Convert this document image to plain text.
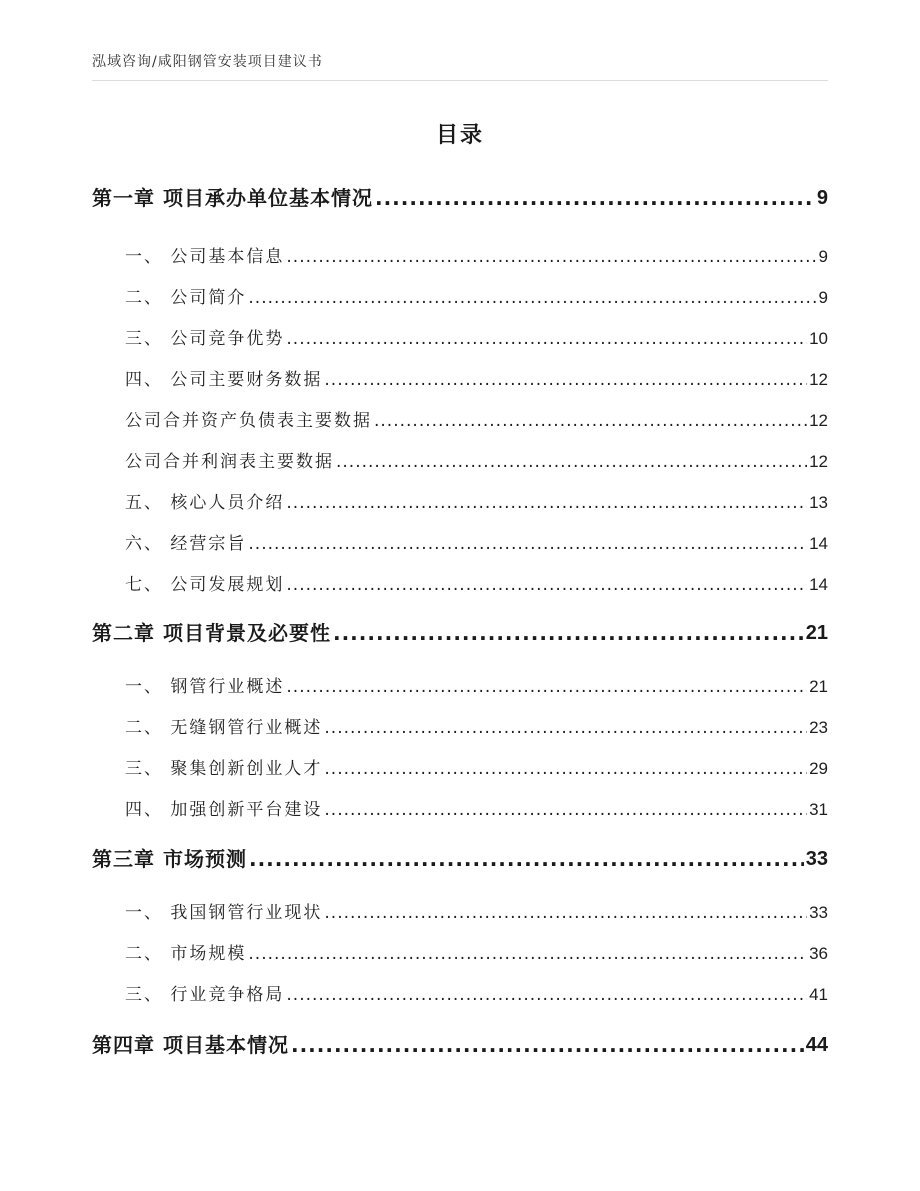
泓域咨询/咸阳钢管安装项目建议书
目录
第一章 项目承办单位基本情况 .....	9
一、 公司基本信息 .....	9
二、 公司简介 .....	9
三、 公司竞争优势 .....	10
四、 公司主要财务数据 .....	12
公司合并资产负债表主要数据 .....	12
公司合并利润表主要数据 .....	12
五、 核心人员介绍 .....	13
六、 经营宗旨 .....	14
七、 公司发展规划 .....	14
第二章 项目背景及必要性 .....	21
一、 钢管行业概述 .....	21
二、 无缝钢管行业概述 .....	23
三、 聚集创新创业人才 .....	29
四、 加强创新平台建设 .....	31
第三章 市场预测 .....	33
一、 我国钢管行业现状 .....	33
二、 市场规模 .....	36
三、 行业竞争格局 .....	41
第四章 项目基本情况 .....	44
